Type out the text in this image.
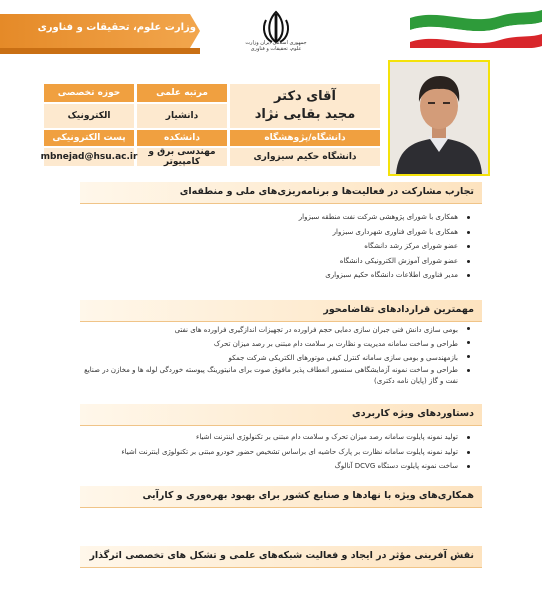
وزارت علوم، تحقیقات و فناوری
جمهوری اسلامی ایران وزارت علوم، تحقیقات و فناوری
آقای دکتر
مجید بقایی نژاد
دانشگاه/پژوهشگاه
دانشگاه حکیم سبزواری
مرتبه علمی
دانشیار
دانشکده
مهندسی برق و کامپیوتر
حوزه تخصصی
الکترونیک
پست الکترونیکی
mbnejad@hsu.ac.ir
تجارب مشارکت در فعالیت‌ها و برنامه‌ریزی‌های ملی و منطقه‌ای
همکاری با شورای پژوهشی شرکت نفت منطقه سبزوار
همکاری با شورای فناوری شهرداری سبزوار
عضو شورای مرکز رشد دانشگاه
عضو شورای آموزش الکترونیکی دانشگاه
مدیر فناوری اطلاعات دانشگاه حکیم سبزواری
مهمترین قراردادهای تقاضامحور
بومی سازی دانش فنی جبران سازی دمایی حجم فراورده در تجهیزات اندازگیری فراورده های نفتی
طراحی و ساخت سامانه مدیریت و نظارت بر سلامت دام مبتنی بر رصد میزان تحرک
بازمهندسی و بومی سازی سامانه کنترل کیفی موتورهای الکتریکی شرکت جمکو
طراحی و ساخت نمونه آزمایشگاهی سنسور انعطاف پذیر مافوق صوت برای مانیتورینگ پیوسته خوردگی لوله ها و مخازن در صنایع نفت و گاز (پایان نامه دکتری)
دستاوردهای ویژه کاربردی
تولید نمونه پایلوت سامانه رصد میزان تحرک و سلامت دام مبتنی بر تکنولوژی اینترنت اشیاء
تولید نمونه پایلوت سامانه نظارت بر پارک حاشیه ای براساس تشخیص حضور خودرو مبتنی بر تکنولوژی اینترنت اشیاء
ساخت نمونه پایلوت دستگاه DCVG آنالوگ
همکاری‌های ویژه با نهادها و صنایع کشور برای بهبود بهره‌وری و کارآیی
نقش آفرینی مؤثر در ایجاد و فعالیت شبکه‌های علمی و تشکل های تخصصی اثرگذار
